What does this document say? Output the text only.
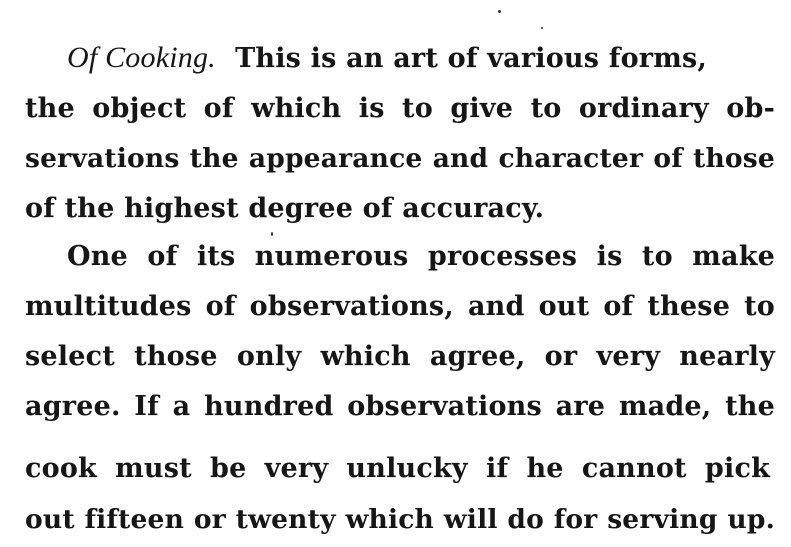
Of Cooking. This is an art of various forms,
the object of which is to give to ordinary ob-
servations the appearance and character of those
of the highest degree of accuracy.
One of its numerous processes is to make
multitudes of observations, and out of these to
select those only which agree, or very nearly
agree. If a hundred observations are made, the
cook must be very unlucky if he cannot pick
out fifteen or twenty which will do for serving up.
